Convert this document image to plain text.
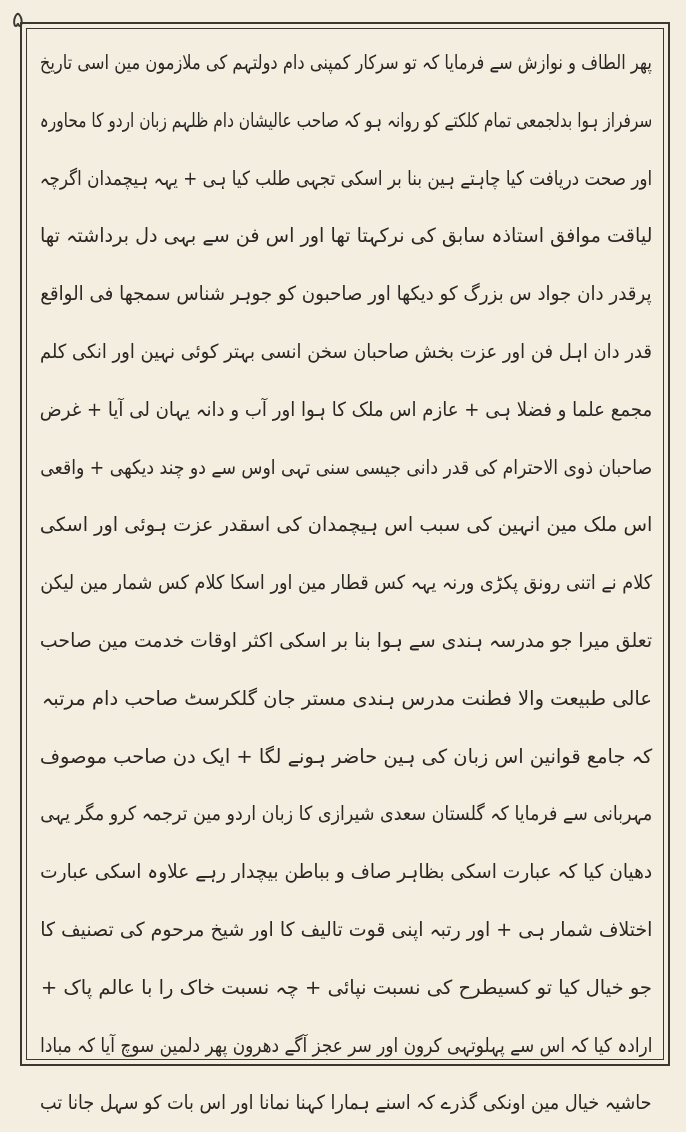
۵
پھر الطاف و نوازش سے فرمایا کہ تو سرکار کمپنی دام دولتہم کی ملازمون مین اسی تاریخ
سرفراز ہوا بدلجمعی تمام کلکتے کو روانہ ہو کہ صاحب عالیشان دام ظلہم زبان اردو کا محاورہ
اور صحت دریافت کیا چاہتے ہین بنا بر اسکی تجہی طلب کیا ہی + یہہ ہیچمدان اگرچہ
لیاقت موافق استاذہ سابق کی نرکہتا تھا اور اس فن سے بہی دل برداشتہ تھا
پرقدر دان جواد س بزرگ کو دیکھا اور صاحبون کو جوہر شناس سمجھا فی الواقع
قدر دان اہل فن اور عزت بخش صاحبان سخن انسی بہتر کوئی نہین اور انکی کلم
مجمع علما و فضلا ہی + عازم اس ملک کا ہوا اور آب و دانہ یہان لی آیا + غرض
صاحبان ذوی الاحترام کی قدر دانی جیسی سنی تہی اوس سے دو چند دیکھی + واقعی
اس ملک مین انہین کی سبب اس ہیچمدان کی اسقدر عزت ہوئی اور اسکی
کلام نے اتنی رونق پکڑی ورنہ یہہ کس قطار مین اور اسکا کلام کس شمار مین لیکن
تعلق میرا جو مدرسہ ہندی سے ہوا بنا بر اسکی اکثر اوقات خدمت مین صاحب
عالی طبیعت والا فطنت مدرس ہندی مستر جان گلکرسٹ صاحب دام مرتبہ
کہ جامع قوانین اس زبان کی ہین حاضر ہونے لگا + ایک دن صاحب موصوف
مہربانی سے فرمایا کہ گلستان سعدی شیرازی کا زبان اردو مین ترجمہ کرو مگر یہی
دھیان کیا کہ عبارت اسکی بظاہر صاف و بباطن بیچدار رہے علاوہ اسکی عبارت
اختلاف شمار ہی + اور رتبہ اپنی قوت تالیف کا اور شیخ مرحوم کی تصنیف کا
جو خیال کیا تو کسیطرح کی نسبت نپائی + چہ نسبت خاک را با عالم پاک +
ارادہ کیا کہ اس سے پہلوتہی کرون اور سر عجز آگے دھرون پھر دلمین سوچ آیا کہ مبادا
حاشیہ خیال مین اونکی گذرے کہ اسنے ہمارا کہنا نمانا اور اس بات کو سہل جانا تب
